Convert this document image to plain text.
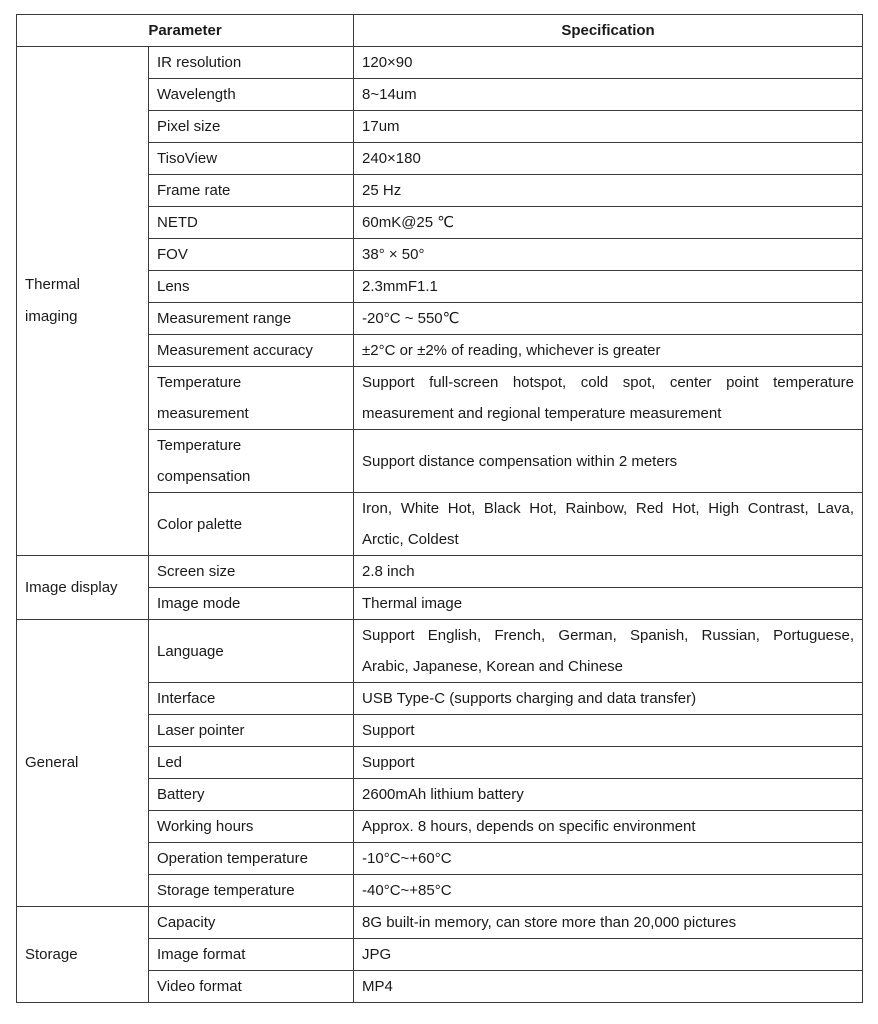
Parameter		Specification

Thermal
imaging	IR resolution	120×90

	Wavelength	8~14um

	Pixel size	17um

	TisoView	240×180

	Frame rate	25 Hz

	NETD	60mK@25 ℃

	FOV	38° × 50°

	Lens	2.3mmF1.1

	Measurement range	-20°C ~ 550℃

	Measurement accuracy	±2°C or ±2% of reading, whichever is greater

	Temperature
measurement	Support full-screen hotspot, cold spot, center point temperature
measurement and regional temperature measurement

	Temperature
compensation	Support distance compensation within 2 meters

	Color palette	Iron, White Hot, Black Hot, Rainbow, Red Hot, High Contrast, Lava,
Arctic, Coldest

Image display	Screen size	2.8 inch

	Image mode	Thermal image

General	Language	Support English, French, German, Spanish, Russian, Portuguese,
Arabic, Japanese, Korean and Chinese

	Interface	USB Type-C (supports charging and data transfer)

	Laser pointer	Support

	Led	Support

	Battery	2600mAh lithium battery

	Working hours	Approx. 8 hours, depends on specific environment

	Operation temperature	-10°C~+60°C

	Storage temperature	-40°C~+85°C

Storage	Capacity	8G built-in memory, can store more than 20,000 pictures

	Image format	JPG

	Video format	MP4
